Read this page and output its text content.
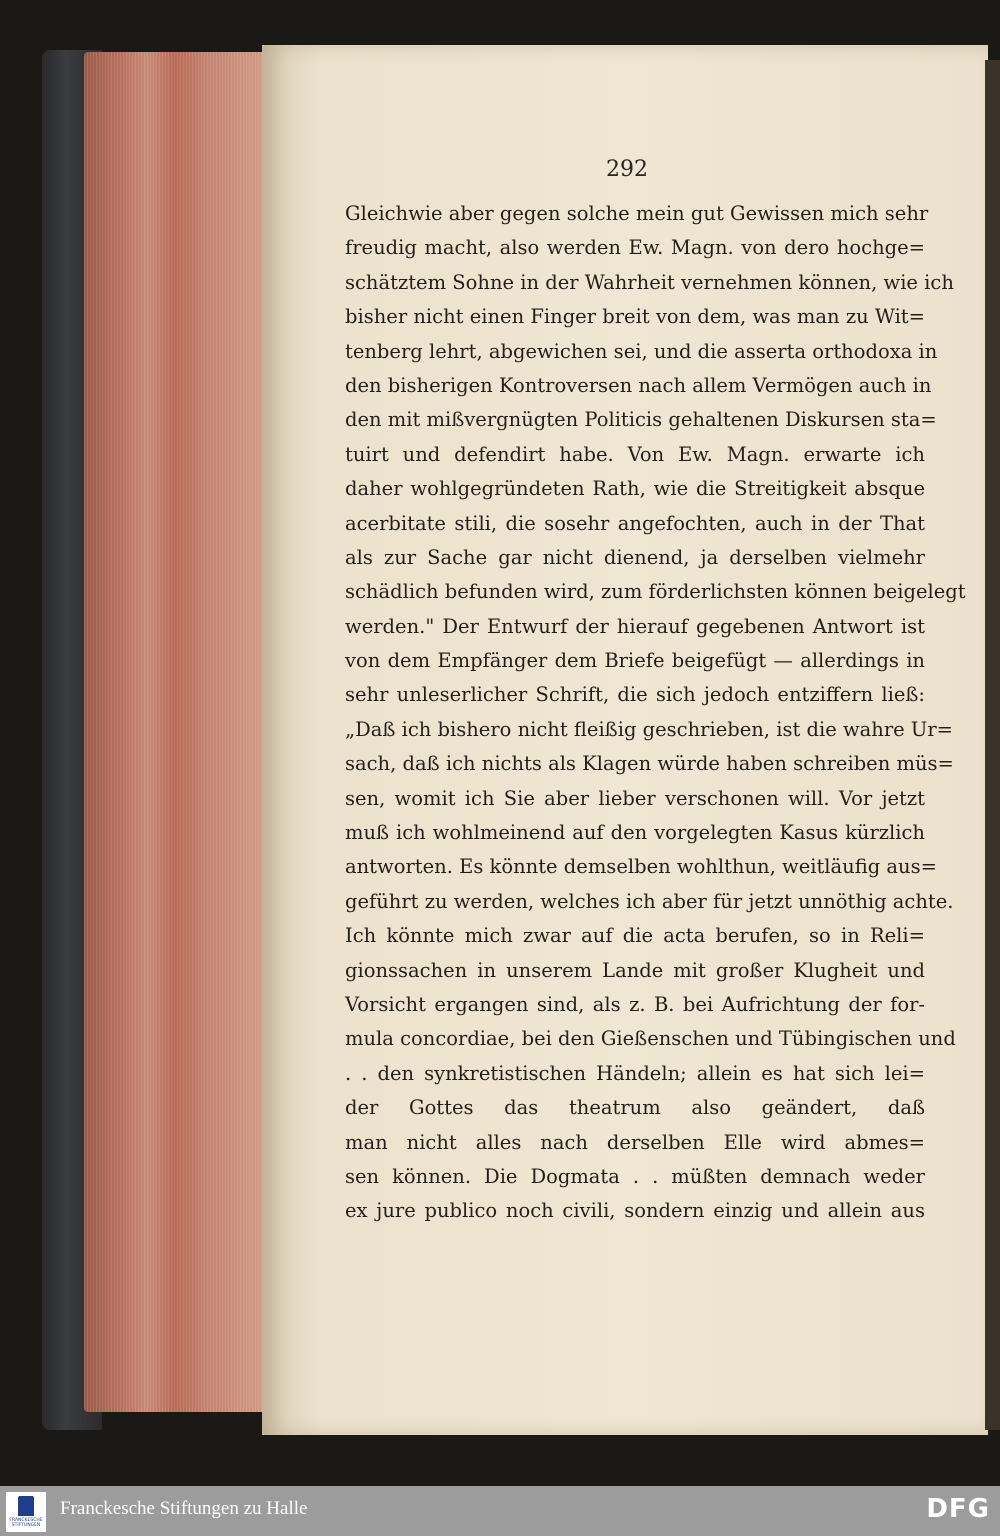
292
Gleichwie aber gegen solche mein gut Gewissen mich sehr
freudig macht, also werden Ew. Magn. von dero hochge=
schätztem Sohne in der Wahrheit vernehmen können, wie ich
bisher nicht einen Finger breit von dem, was man zu Wit=
tenberg lehrt, abgewichen sei, und die asserta orthodoxa in
den bisherigen Kontroversen nach allem Vermögen auch in
den mit mißvergnügten Politicis gehaltenen Diskursen sta=
tuirt und defendirt habe. Von Ew. Magn. erwarte ich
daher wohlgegründeten Rath, wie die Streitigkeit absque
acerbitate stili, die sosehr angefochten, auch in der That
als zur Sache gar nicht dienend, ja derselben vielmehr
schädlich befunden wird, zum förderlichsten können beigelegt
werden." Der Entwurf der hierauf gegebenen Antwort ist
von dem Empfänger dem Briefe beigefügt — allerdings in
sehr unleserlicher Schrift, die sich jedoch entziffern ließ:
„Daß ich bishero nicht fleißig geschrieben, ist die wahre Ur=
sach, daß ich nichts als Klagen würde haben schreiben müs=
sen, womit ich Sie aber lieber verschonen will. Vor jetzt
muß ich wohlmeinend auf den vorgelegten Kasus kürzlich
antworten. Es könnte demselben wohlthun, weitläufig aus=
geführt zu werden, welches ich aber für jetzt unnöthig achte.
Ich könnte mich zwar auf die acta berufen, so in Reli=
gionssachen in unserem Lande mit großer Klugheit und
Vorsicht ergangen sind, als z. B. bei Aufrichtung der for-
mula concordiae, bei den Gießenschen und Tübingischen und
. . den synkretistischen Händeln; allein es hat sich lei=
der Gottes das theatrum also geändert, daß
man nicht alles nach derselben Elle wird abmes=
sen können. Die Dogmata . . müßten demnach weder
ex jure publico noch civili, sondern einzig und allein aus
FRANCKESCHE STIFTUNGEN
Franckesche Stiftungen zu Halle	DFG
